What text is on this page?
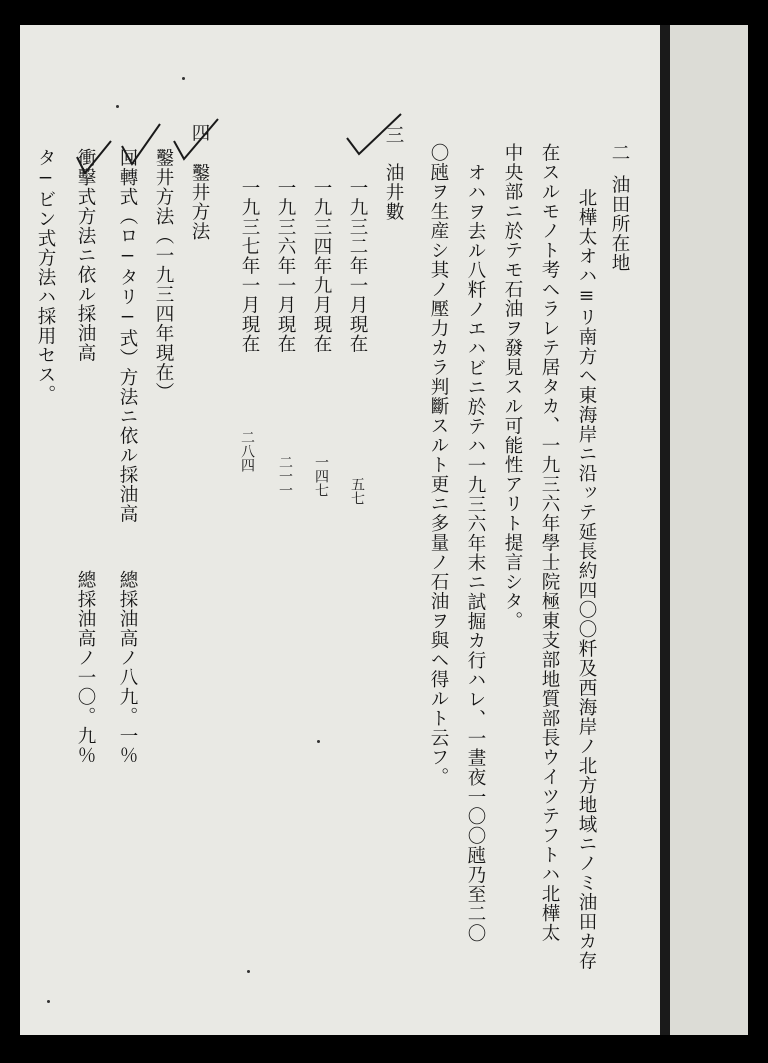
二
油田所在地
北樺太オハ≡リ南方ヘ東海岸ニ沿ッテ延長約四〇〇粁及西海岸ノ北方地域ニノミ油田カ存
在スルモノト考ヘラレテ居タカ、一九三六年學士院極東支部地質部長ウイツテフトハ北樺太
中央部ニ於テモ石油ヲ發見スル可能性アリト提言シタ。
オハヲ去ル八粁ノエハビニ於テハ一九三六年末ニ試掘カ行ハレ、一晝夜一〇〇瓲乃至二〇
〇瓲ヲ生産シ其ノ壓力カラ判斷スルト更ニ多量ノ石油ヲ與ヘ得ルト云フ。
三
油井數
一九三二年一月現在
五七
一九三四年九月現在
一四七
一九三六年一月現在
二一一
一九三七年一月現在
二八四
四
鑿井方法
鑿井方法（一九三四年現在）
回轉式（ロ−タリ−式）方法ニ依ル採油高
總採油高ノ八九。一％
衝擊式方法ニ依ル採油高
總採油高ノ一〇。九％
タ−ビン式方法ハ採用セス。
